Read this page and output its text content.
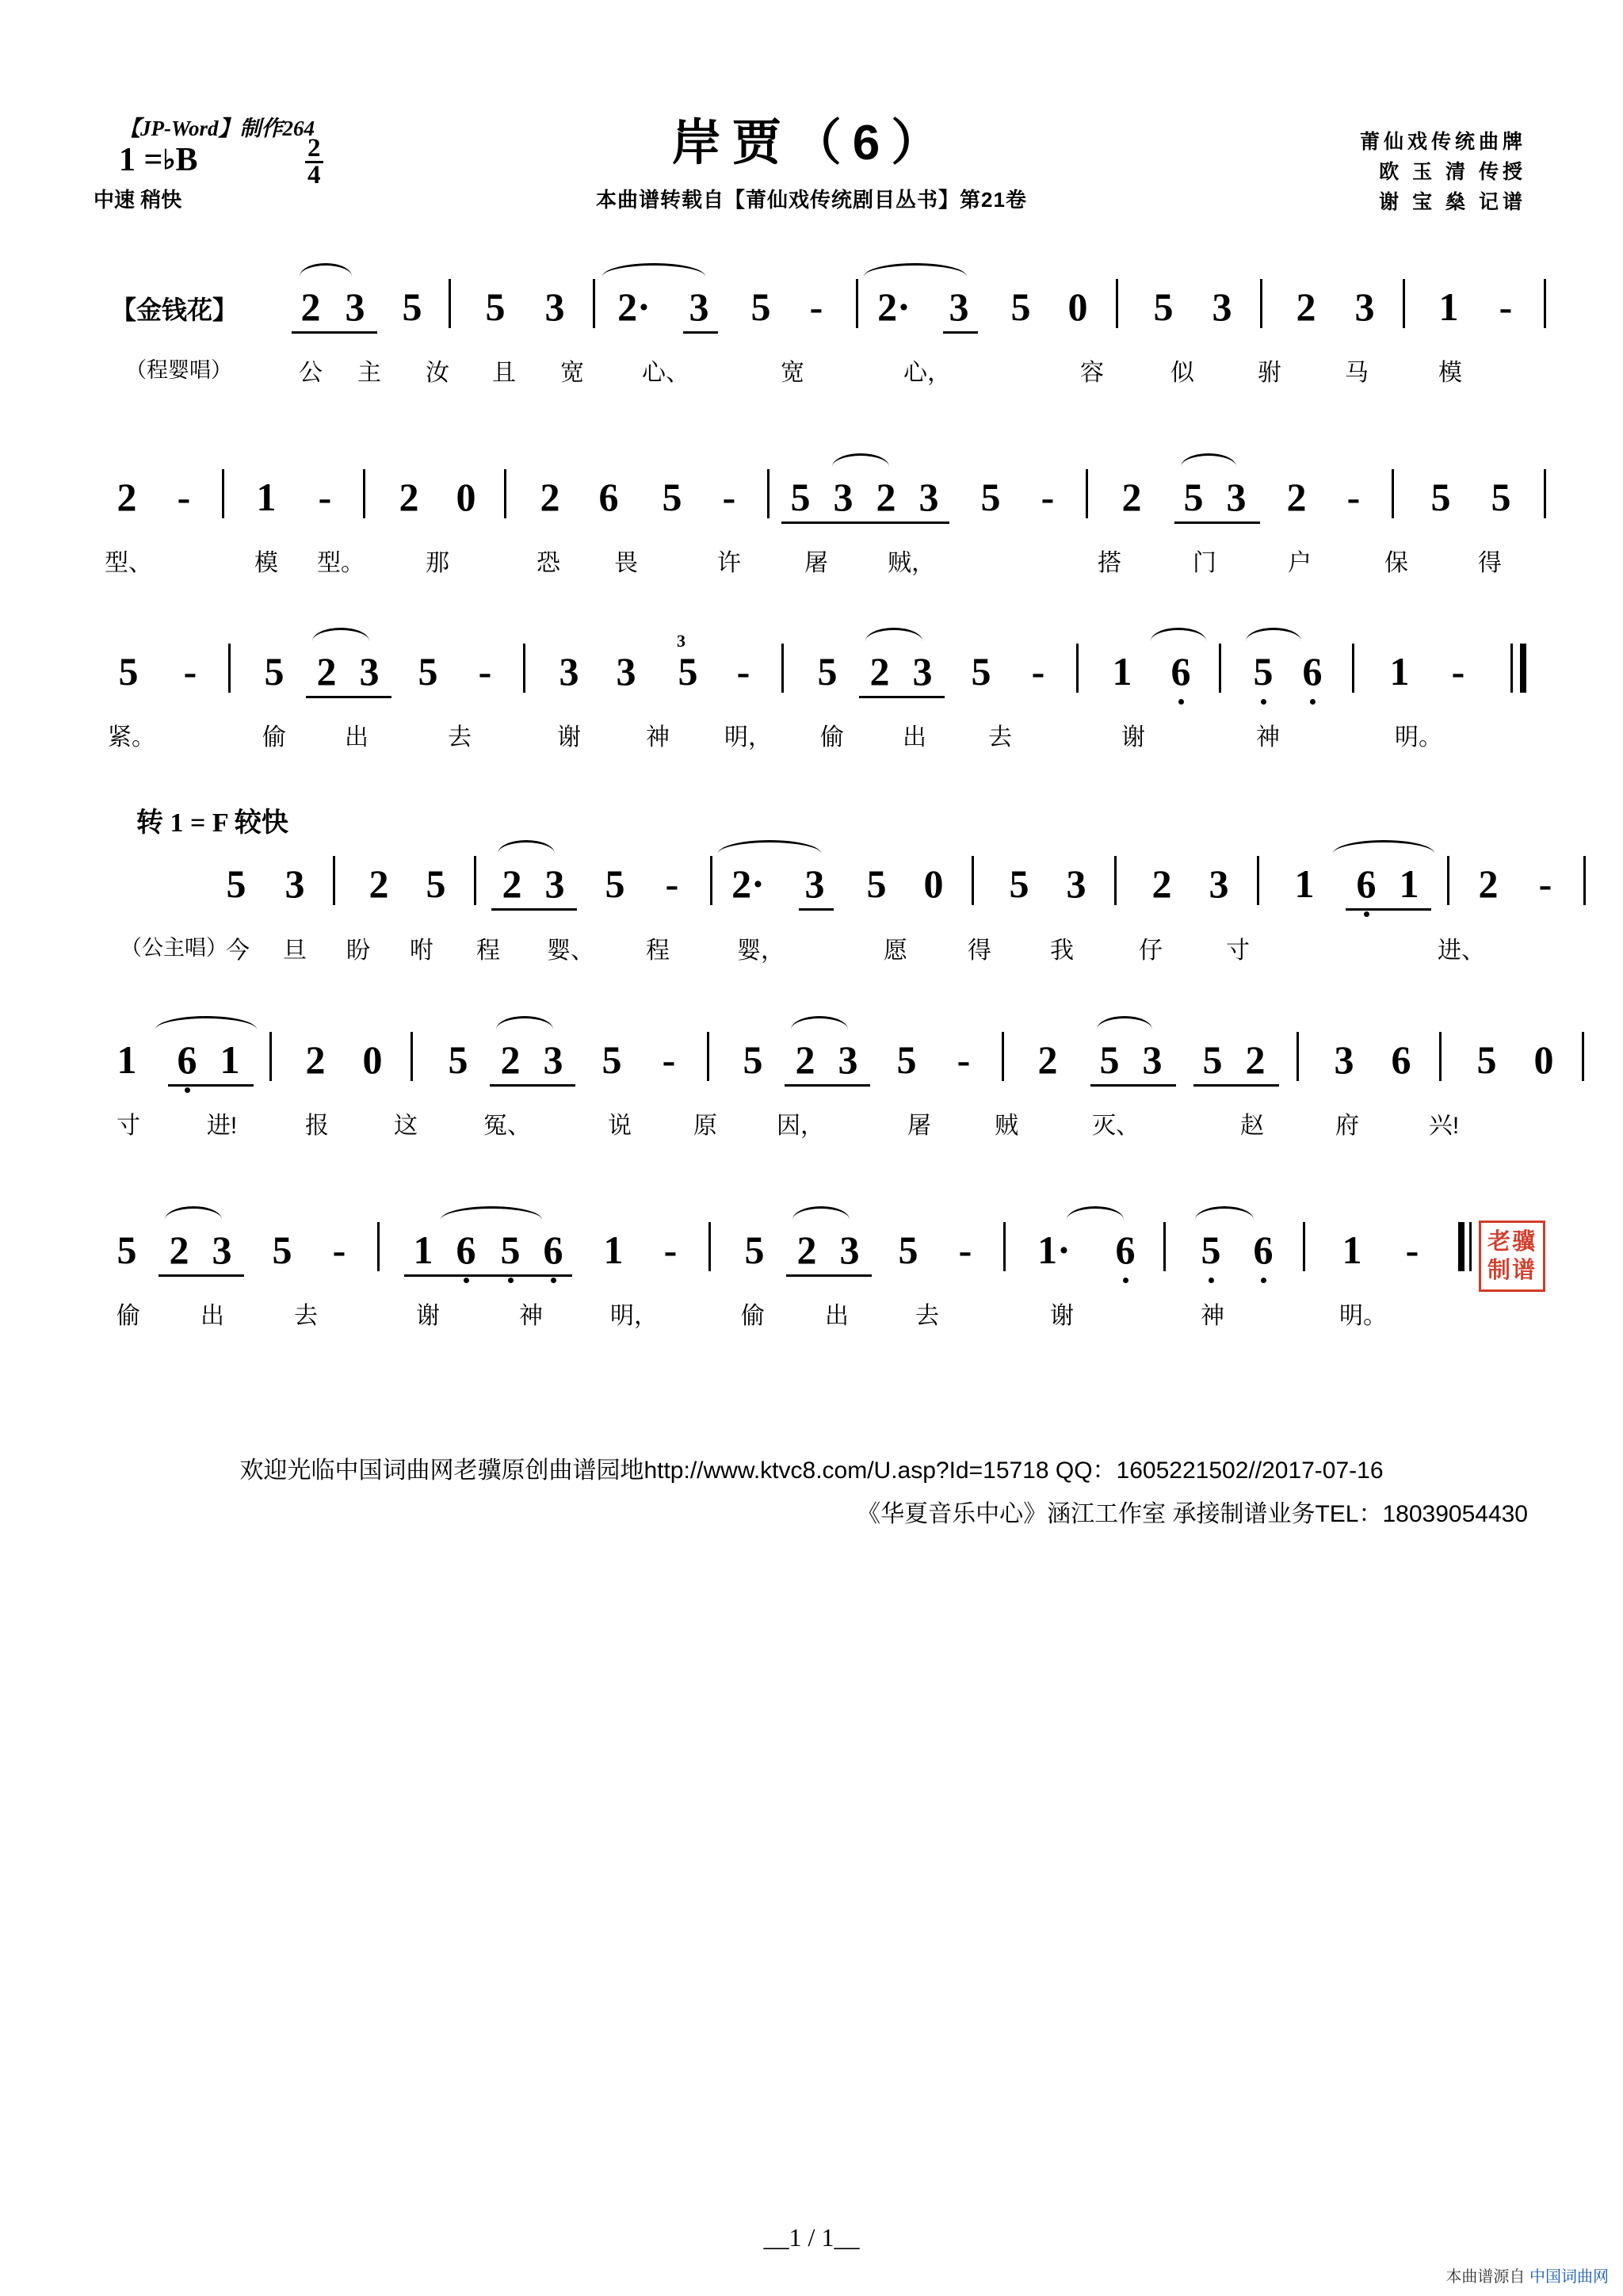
【JP-Word】制作264
1 =♭B	$\frac{2}{4}$
中速 稍快
岸贾（6）
本曲谱转载自【莆仙戏传统剧目丛书】第21卷
莆仙戏传统曲牌
欧 玉 清 传授
谢 宝 燊 记谱
【金钱花】 2 3 5 5 3 2· 3 5 - 2· 3 5 0 5 3 2 3 1 -
（程婴唱）	公 主 汝 且 宽 心、	宽	心，	容	似	驸	马	模
2 - 1 - 2 0 2 6 5 - 5 3 2 3 5 - 2 5 3 2 - 5 5
型、	模 型。	那	恐 畏	许	屠	贼，	搭	门	户	保	得
5 - 5 2 3 5 - 3 3
3
5 - 5 2 3 5 - 1 6 5 6 1 -
紧。	偷 出	去	谢	神 明， 偷 出	去	谢	神	明。
转 1 = F 较快
5 3 2 5 2 3 5 - 2· 3 5 0 5 3 2 3 1 6 1 2 -
（公主唱）
今 旦 盼 咐 程 婴、 程	婴，	愿	得 我	仔	寸	进、
1 6 1 2 0 5 2 3 5 - 5 2 3 5 - 2 5 3 5 2 3 6 5 0
寸	进!	报	这	冤、	说	原	因，	屠	贼	灭、	赵	府	兴!
5 2 3 5 - 1 6 5 6 1 - 5 2 3 5 - 1· 6 5 6 1 -
偷	出	去	谢	神	明，	偷	出	去	谢	神	明。
老骥
制谱
欢迎光临中国词曲网老骥原创曲谱园地http://www.ktvc8.com/U.asp?Id=15718 QQ：1605221502//2017-07-16
《华夏音乐中心》涵江工作室 承接制谱业务TEL：18039054430
__1 / 1__
本曲谱源自 中国词曲网
